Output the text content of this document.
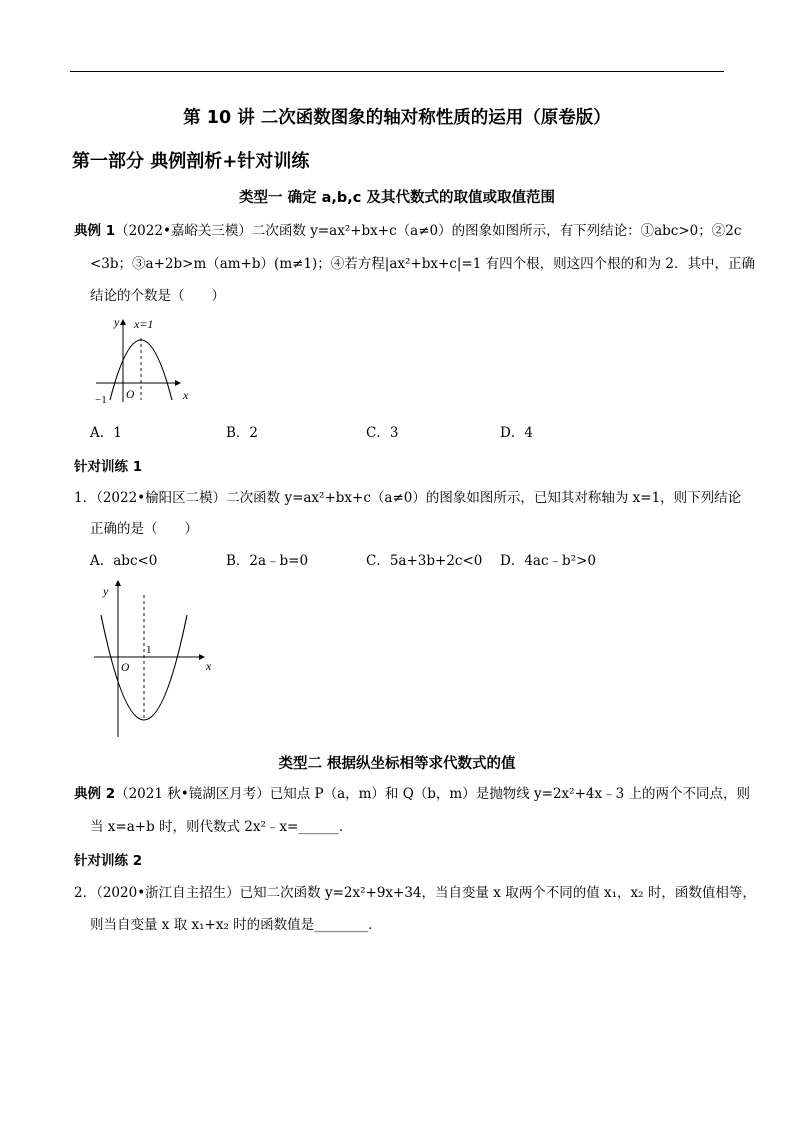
第 10 讲 二次函数图象的轴对称性质的运用（原卷版）
第一部分 典例剖析+针对训练
类型一 确定 a,b,c 及其代数式的取值或取值范围
典例 1（2022•嘉峪关三模）二次函数 y=ax²+bx+c（a≠0）的图象如图所示，有下列结论：①abc>0；②2c
<3b；③a+2b>m（am+b）(m≠1)；④若方程|ax²+bx+c|=1 有四个根，则这四个根的和为 2．其中，正确
结论的个数是（　　）
y
x
O
−1
x=1
A．1	B．2	C．3	D．4
针对训练 1
1．（2022•榆阳区二模）二次函数 y=ax²+bx+c（a≠0）的图象如图所示，已知其对称轴为 x=1，则下列结论
正确的是（　　）
A．abc<0	B．2a﹣b=0	C．5a+3b+2c<0 D．4ac﹣b²>0
y
x
O
1
类型二 根据纵坐标相等求代数式的值
典例 2（2021 秋•镜湖区月考）已知点 P（a，m）和 Q（b，m）是抛物线 y=2x²+4x﹣3 上的两个不同点，则
当 x=a+b 时，则代数式 2x²﹣x=______．
针对训练 2
2．（2020•浙江自主招生）已知二次函数 y=2x²+9x+34，当自变量 x 取两个不同的值 x₁，x₂ 时，函数值相等，
则当自变量 x 取 x₁+x₂ 时的函数值是________．
